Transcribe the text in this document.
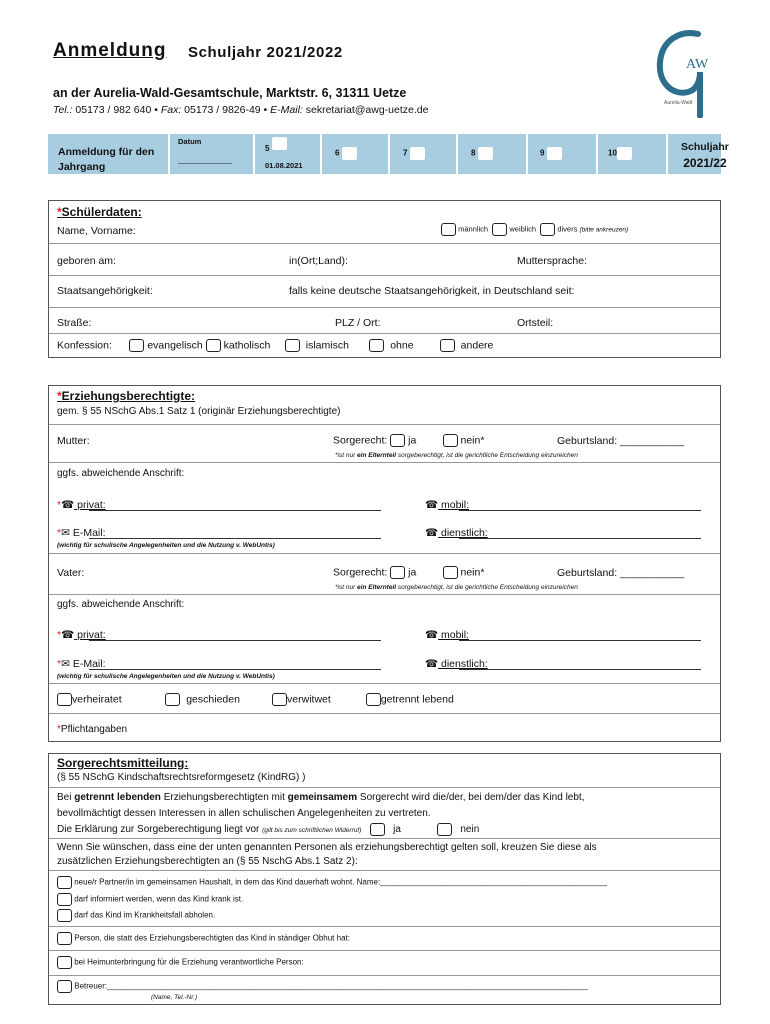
Anmeldung Schuljahr 2021/2022
an der Aurelia-Wald-Gesamtschule, Marktstr. 6, 31311 Uetze
Tel.: 05173 / 982 640 • Fax: 05173 / 9826-49 • E-Mail: sekretariat@awg-uetze.de
AW
Aurelia-Wald
Anmeldung für den
Jahrgang
Datum
_____________
5
01.08.2021
6	7	8	9	10
Schuljahr
2021/22
*Schülerdaten:
Name, Vorname:	männlich	weiblich	divers (bitte ankreuzen)
geboren am:	in(Ort;Land):	Muttersprache:
Staatsangehörigkeit:	falls keine deutsche Staatsangehörigkeit, in Deutschland seit:
Straße:	PLZ / Ort:	Ortsteil:
Konfession:	evangelisch katholisch	islamisch	ohne	andere
*Erziehungsberechtigte:
gem. § 55 NSchG Abs.1 Satz 1 (originär Erziehungsberechtigte)
Mutter:	Sorgerecht: ja	nein*	Geburtsland: ___________
*ist nur ein Elternteil sorgeberechtigt, ist die gerichtliche Entscheidung einzureichen
ggfs. abweichende Anschrift:
*☎ privat:	☎ mobil:
*✉ E-Mail:	☎ dienstlich:
(wichtig für schulische Angelegenheiten und die Nutzung v. WebUntis)
Vater:	Sorgerecht: ja	nein*	Geburtsland: ___________
*ist nur ein Elternteil sorgeberechtigt, ist die gerichtliche Entscheidung einzureichen
ggfs. abweichende Anschrift:
*☎ privat:	☎ mobil:
*✉ E-Mail:	☎ dienstlich:
(wichtig für schulische Angelegenheiten und die Nutzung v. WebUntis)
verheiratet	geschieden	verwitwet	getrennt lebend
*Pflichtangaben
Sorgerechtsmitteilung:
(§ 55 NSchG Kindschaftsrechtsreformgesetz (KindRG) )
Bei getrennt lebenden Erziehungsberechtigten mit gemeinsamem Sorgerecht wird die/der, bei dem/der das Kind lebt,
bevollmächtigt dessen Interessen in allen schulischen Angelegenheiten zu vertreten.
Die Erklärung zur Sorgeberechtigung liegt vor (gilt bis zum schriftlichen Widerruf)	ja	nein
Wenn Sie wünschen, dass eine der unten genannten Personen als erziehungsberechtigt gelten soll, kreuzen Sie diese als
zusätzlichen Erziehungsberechtigten an (§ 55 NschG Abs.1 Satz 2):
neue/r Partner/in im gemeinsamen Haushalt, in dem das Kind dauerhaft wohnt. Name:___________________________________________________
darf informiert werden, wenn das Kind krank ist.
darf das Kind im Krankheitsfall abholen.
Person, die statt des Erziehungsberechtigten das Kind in ständiger Obhut hat:
bei Heimunterbringung für die Erziehung verantwortliche Person:
Betreuer:____________________________________________________________________________________________________________
(Name, Tel.-Nr.)
